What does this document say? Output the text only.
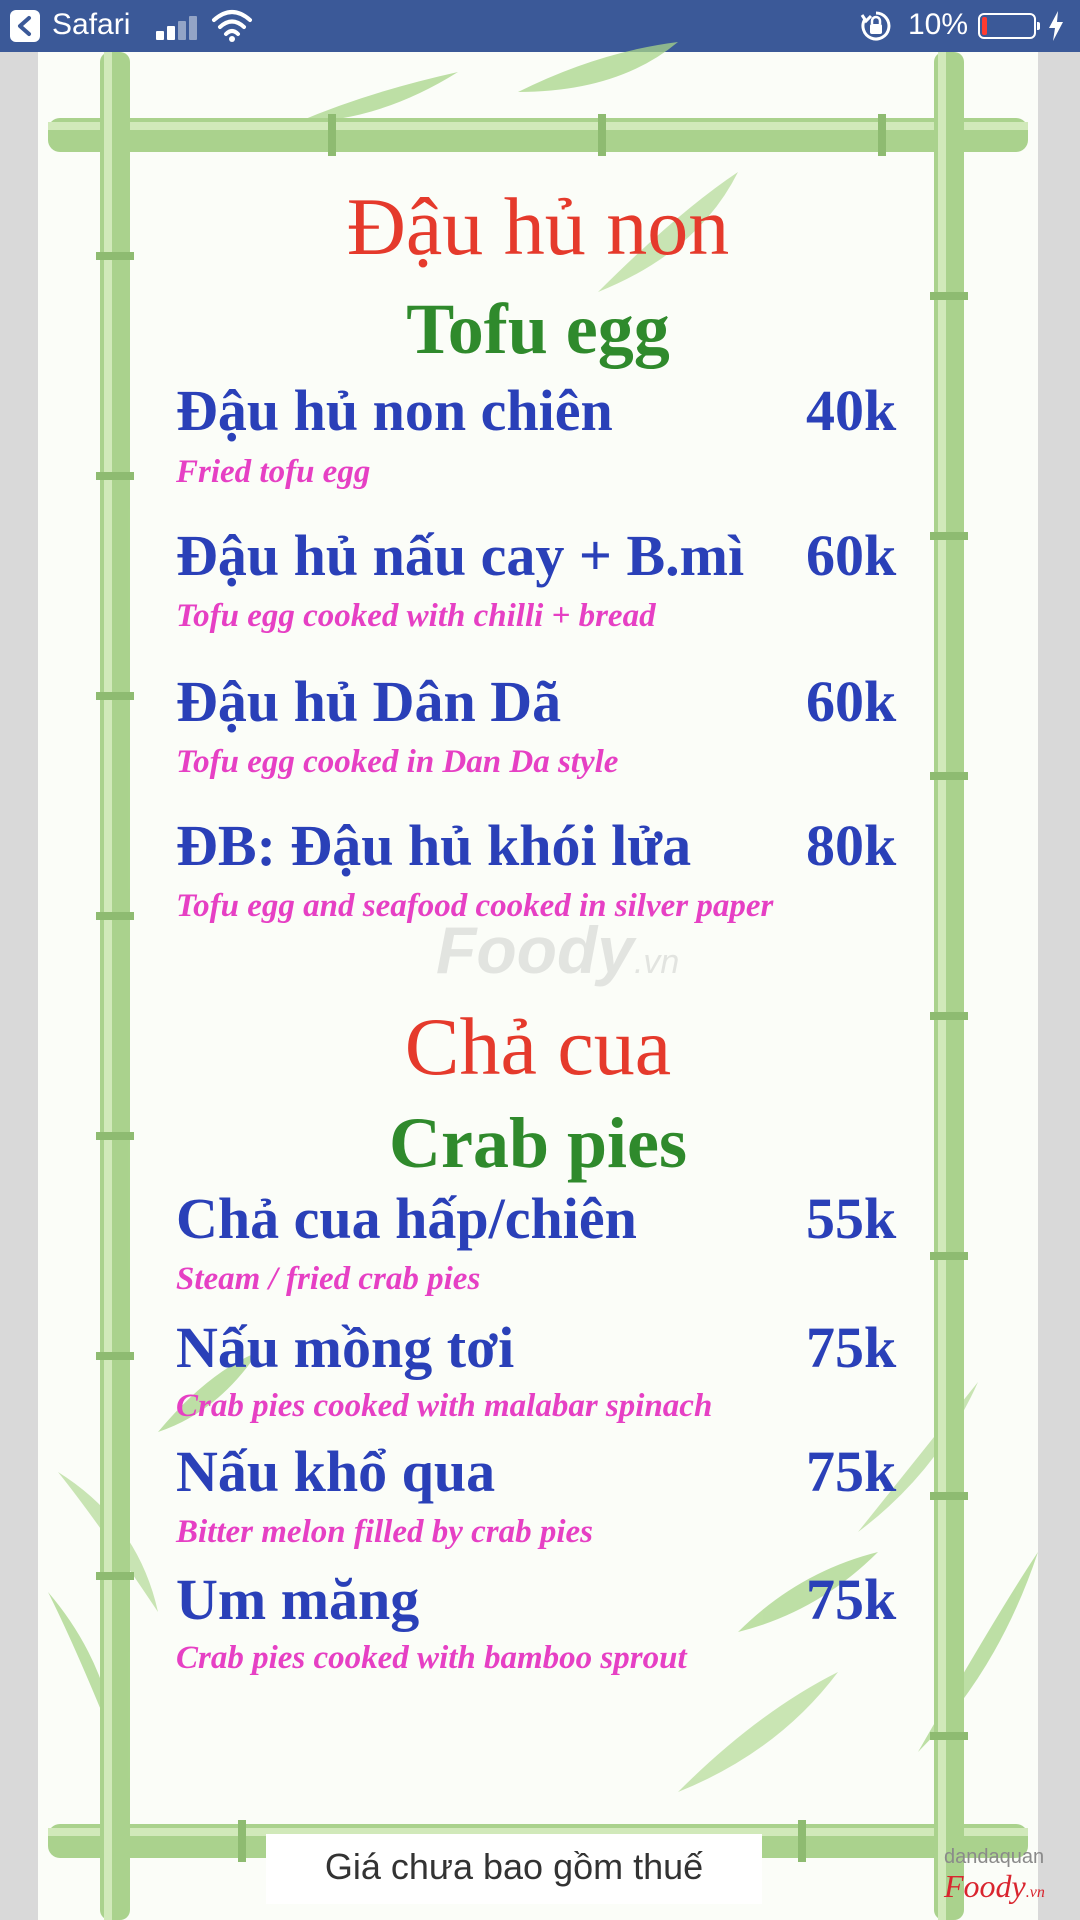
Safari	10%
Đậu hủ non
Tofu egg
Đậu hủ non chiên	40k
Fried tofu egg
Đậu hủ nấu cay + B.mì 60k
Tofu egg cooked with chilli + bread
Đậu hủ Dân Dã	60k
Tofu egg cooked in Dan Da style
ĐB: Đậu hủ khói lửa 80k
Tofu egg and seafood cooked in silver paper
Foody.vn
Chả cua
Crab pies
Chả cua hấp/chiên	55k
Steam / fried crab pies
Nấu mồng tơi	75k
Crab pies cooked with malabar spinach
Nấu khổ qua	75k
Bitter melon filled by crab pies
Um măng	75k
Crab pies cooked with bamboo sprout
Giá chưa bao gồm thuế	dandaquan
Foody.vn
